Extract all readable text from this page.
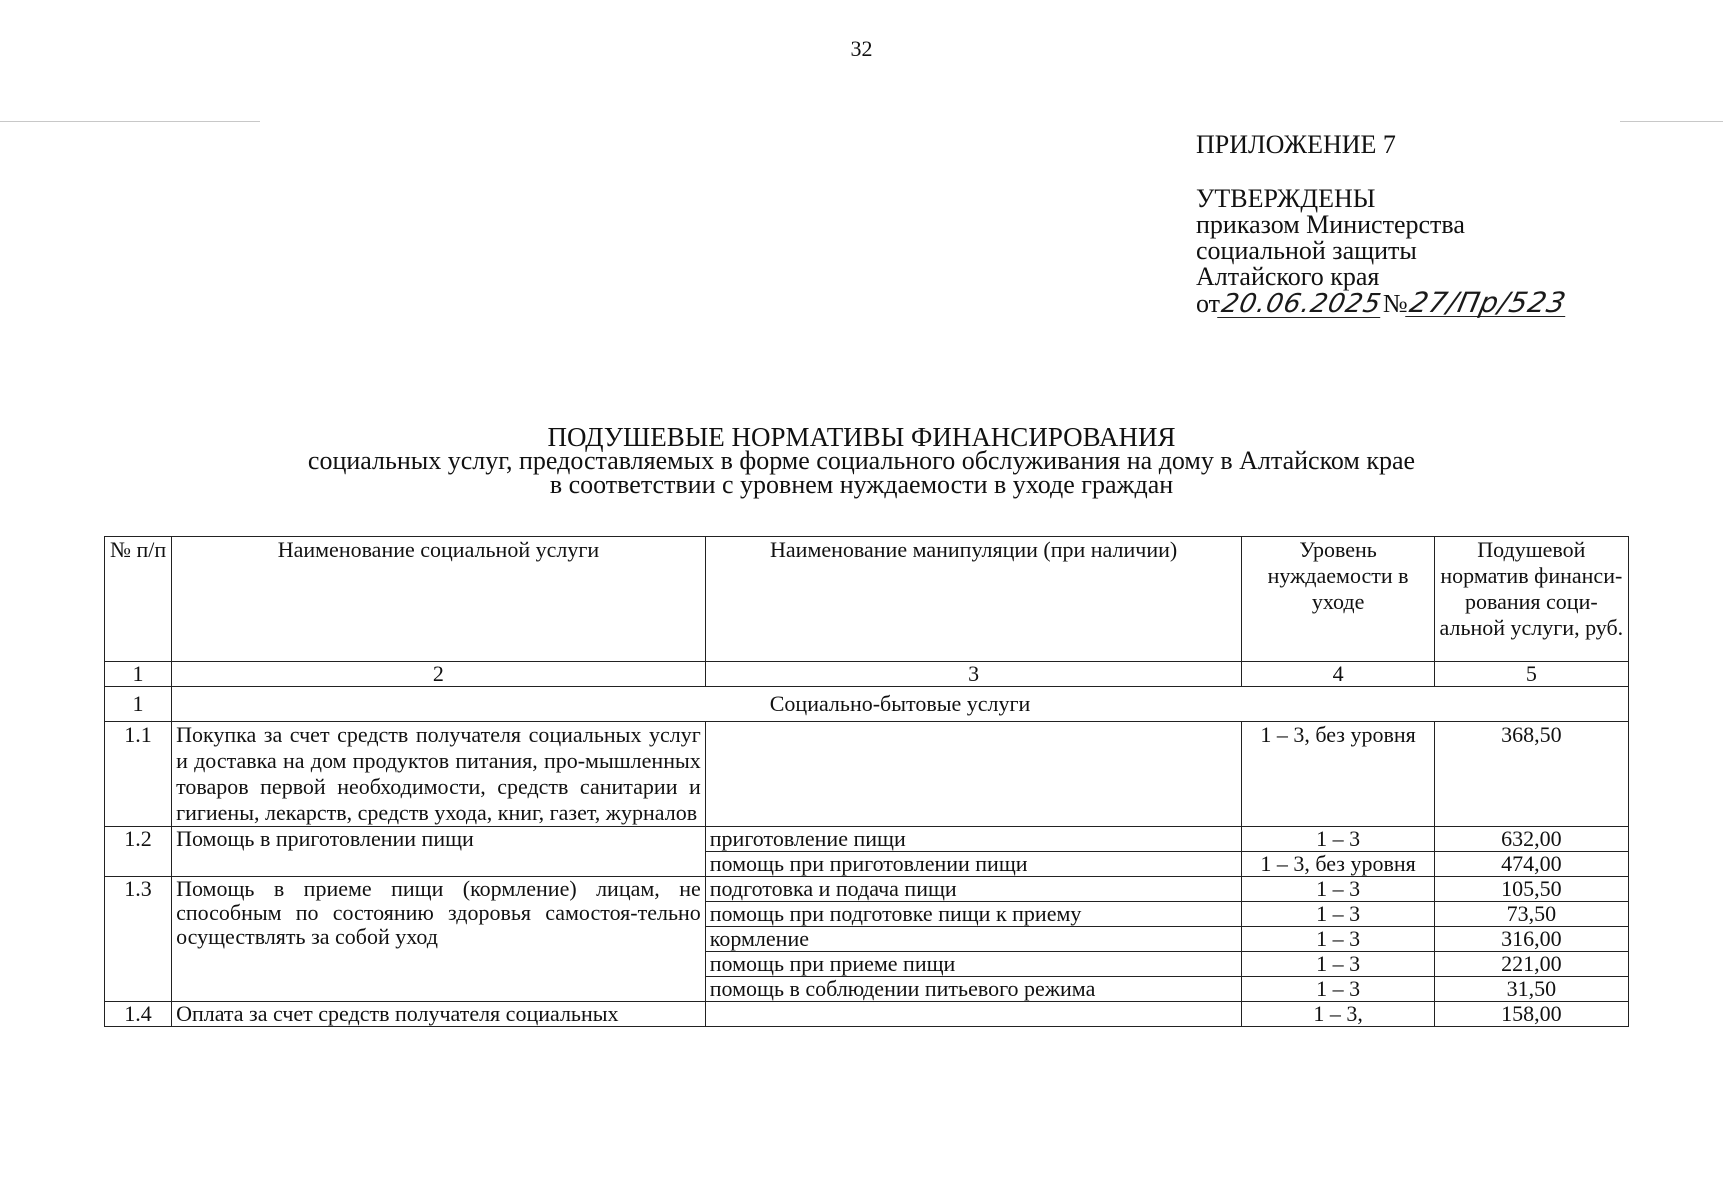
32
ПРИЛОЖЕНИЕ 7
УТВЕРЖДЕНЫ
приказом Министерства
социальной защиты
Алтайского края
от20.06.2025№27/Пр/523
ПОДУШЕВЫЕ НОРМАТИВЫ ФИНАНСИРОВАНИЯ
социальных услуг, предоставляемых в форме социального обслуживания на дому в Алтайском крае
в соответствии с уровнем нуждаемости в уходе граждан
№ п/п	Наименование социальной услуги	Наименование манипуляции (при наличии)	Уровень нуждаемости в уходе	Подушевой норматив финанси-рования соци-альной услуги, руб.
1	2	3	4	5
1	Социально-бытовые услуги			
1.1	Покупка за счет средств получателя социальных услуг и доставка на дом продуктов питания, про-мышленных товаров первой необходимости, средств санитарии и гигиены, лекарств, средств ухода, книг, газет, журналов		1 – 3, без уровня	368,50
1.2	Помощь в приготовлении пищи	приготовление пищи	1 – 3	632,00
		помощь при приготовлении пищи	1 – 3, без уровня	474,00
1.3	Помощь в приеме пищи (кормление) лицам, не способным по состоянию здоровья самостоя-тельно осуществлять за собой уход	подготовка и подача пищи	1 – 3	105,50
		помощь при подготовке пищи к приему	1 – 3	73,50
		кормление	1 – 3	316,00
		помощь при приеме пищи	1 – 3	221,00
		помощь в соблюдении питьевого режима	1 – 3	31,50
1.4	Оплата за счет средств получателя социальных		1 – 3,	158,00
